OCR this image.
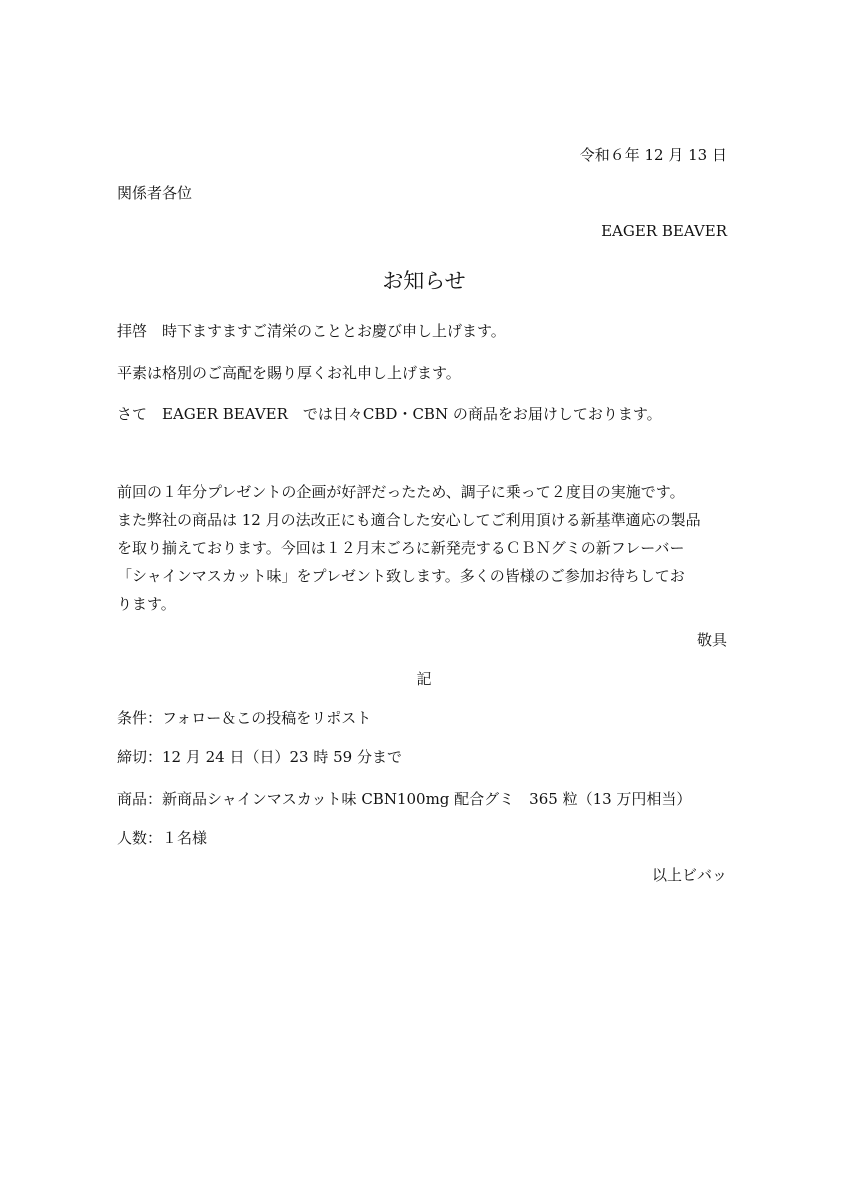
令和６年 12 月 13 日
関係者各位
EAGER BEAVER
お知らせ
拝啓　時下ますますご清栄のこととお慶び申し上げます。
平素は格別のご高配を賜り厚くお礼申し上げます。
さて　EAGER BEAVER　では日々CBD・CBN の商品をお届けしております。
前回の１年分プレゼントの企画が好評だったため、調子に乗って２度目の実施です。
また弊社の商品は 12 月の法改正にも適合した安心してご利用頂ける新基準適応の製品
を取り揃えております。今回は１２月末ごろに新発売するＣＢＮグミの新フレーバー
「シャインマスカット味」をプレゼント致します。多くの皆様のご参加お待ちしてお
ります。
敬具
記
条件：フォロー＆この投稿をリポスト
締切：12 月 24 日（日）23 時 59 分まで
商品：新商品シャインマスカット味 CBN100mg 配合グミ　365 粒（13 万円相当）
人数：１名様
以上ビバッ
